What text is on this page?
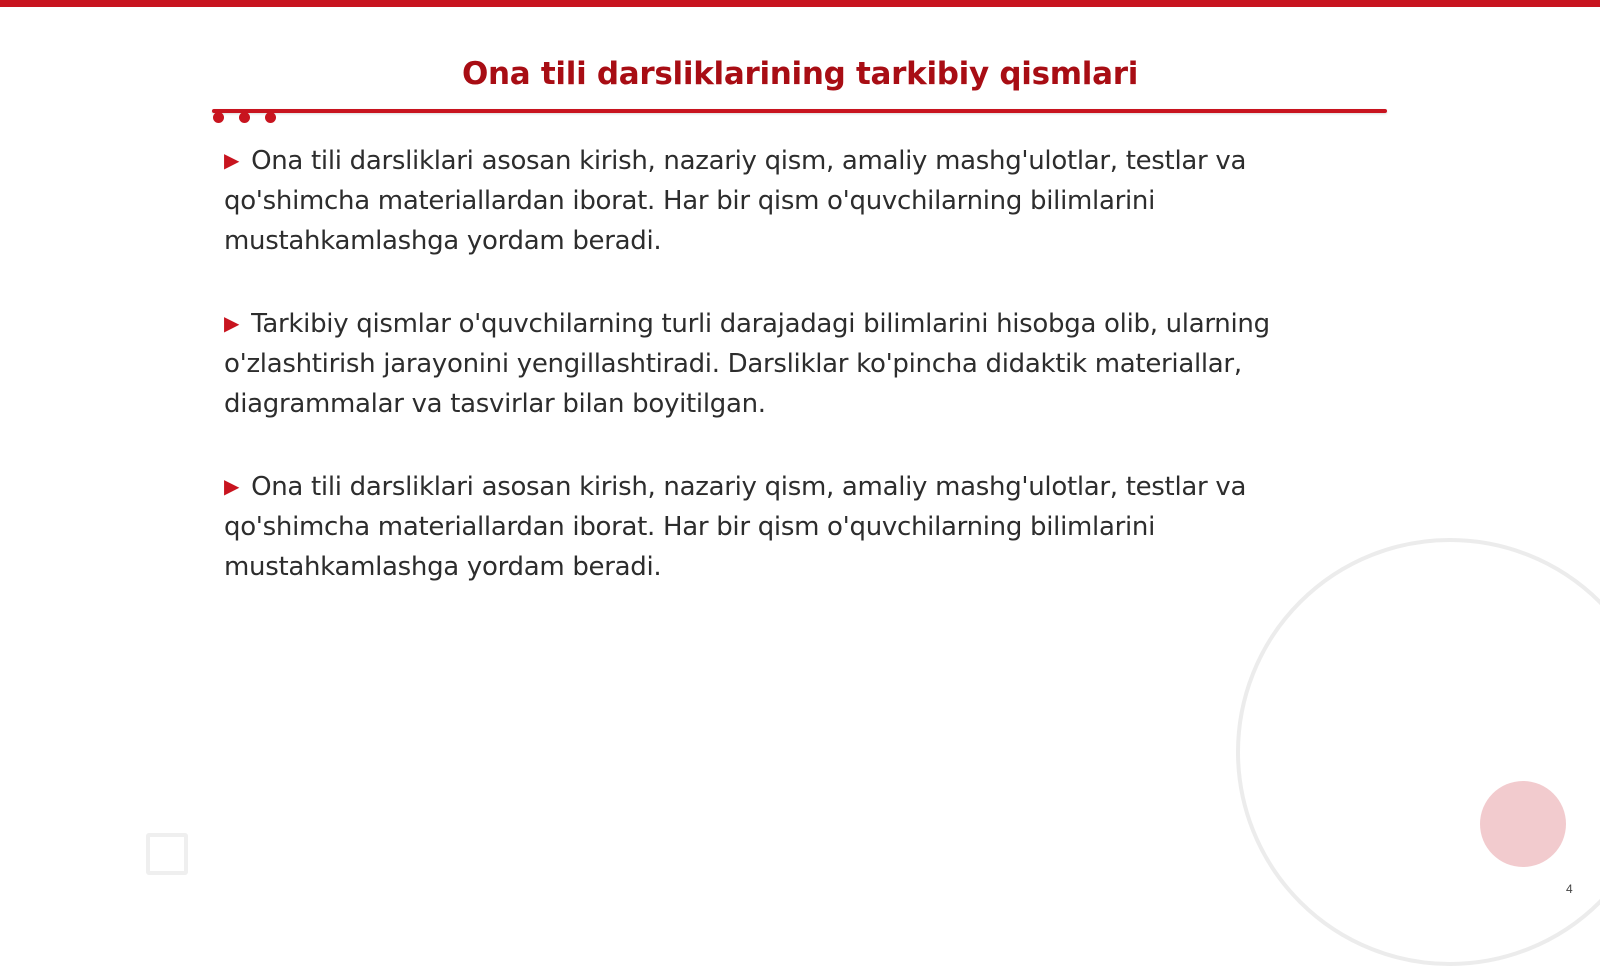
Ona tili darsliklarining tarkibiy qismlari
▶ Ona tili darsliklari asosan kirish, nazariy qism, amaliy mashg'ulotlar, testlar va qo'shimcha materiallardan iborat. Har bir qism o'quvchilarning bilimlarini mustahkamlashga yordam beradi.
▶ Tarkibiy qismlar o'quvchilarning turli darajadagi bilimlarini hisobga olib, ularning o'zlashtirish jarayonini yengillashtiradi. Darsliklar ko'pincha didaktik materiallar, diagrammalar va tasvirlar bilan boyitilgan.
▶ Ona tili darsliklari asosan kirish, nazariy qism, amaliy mashg'ulotlar, testlar va qo'shimcha materiallardan iborat. Har bir qism o'quvchilarning bilimlarini mustahkamlashga yordam beradi.
4
